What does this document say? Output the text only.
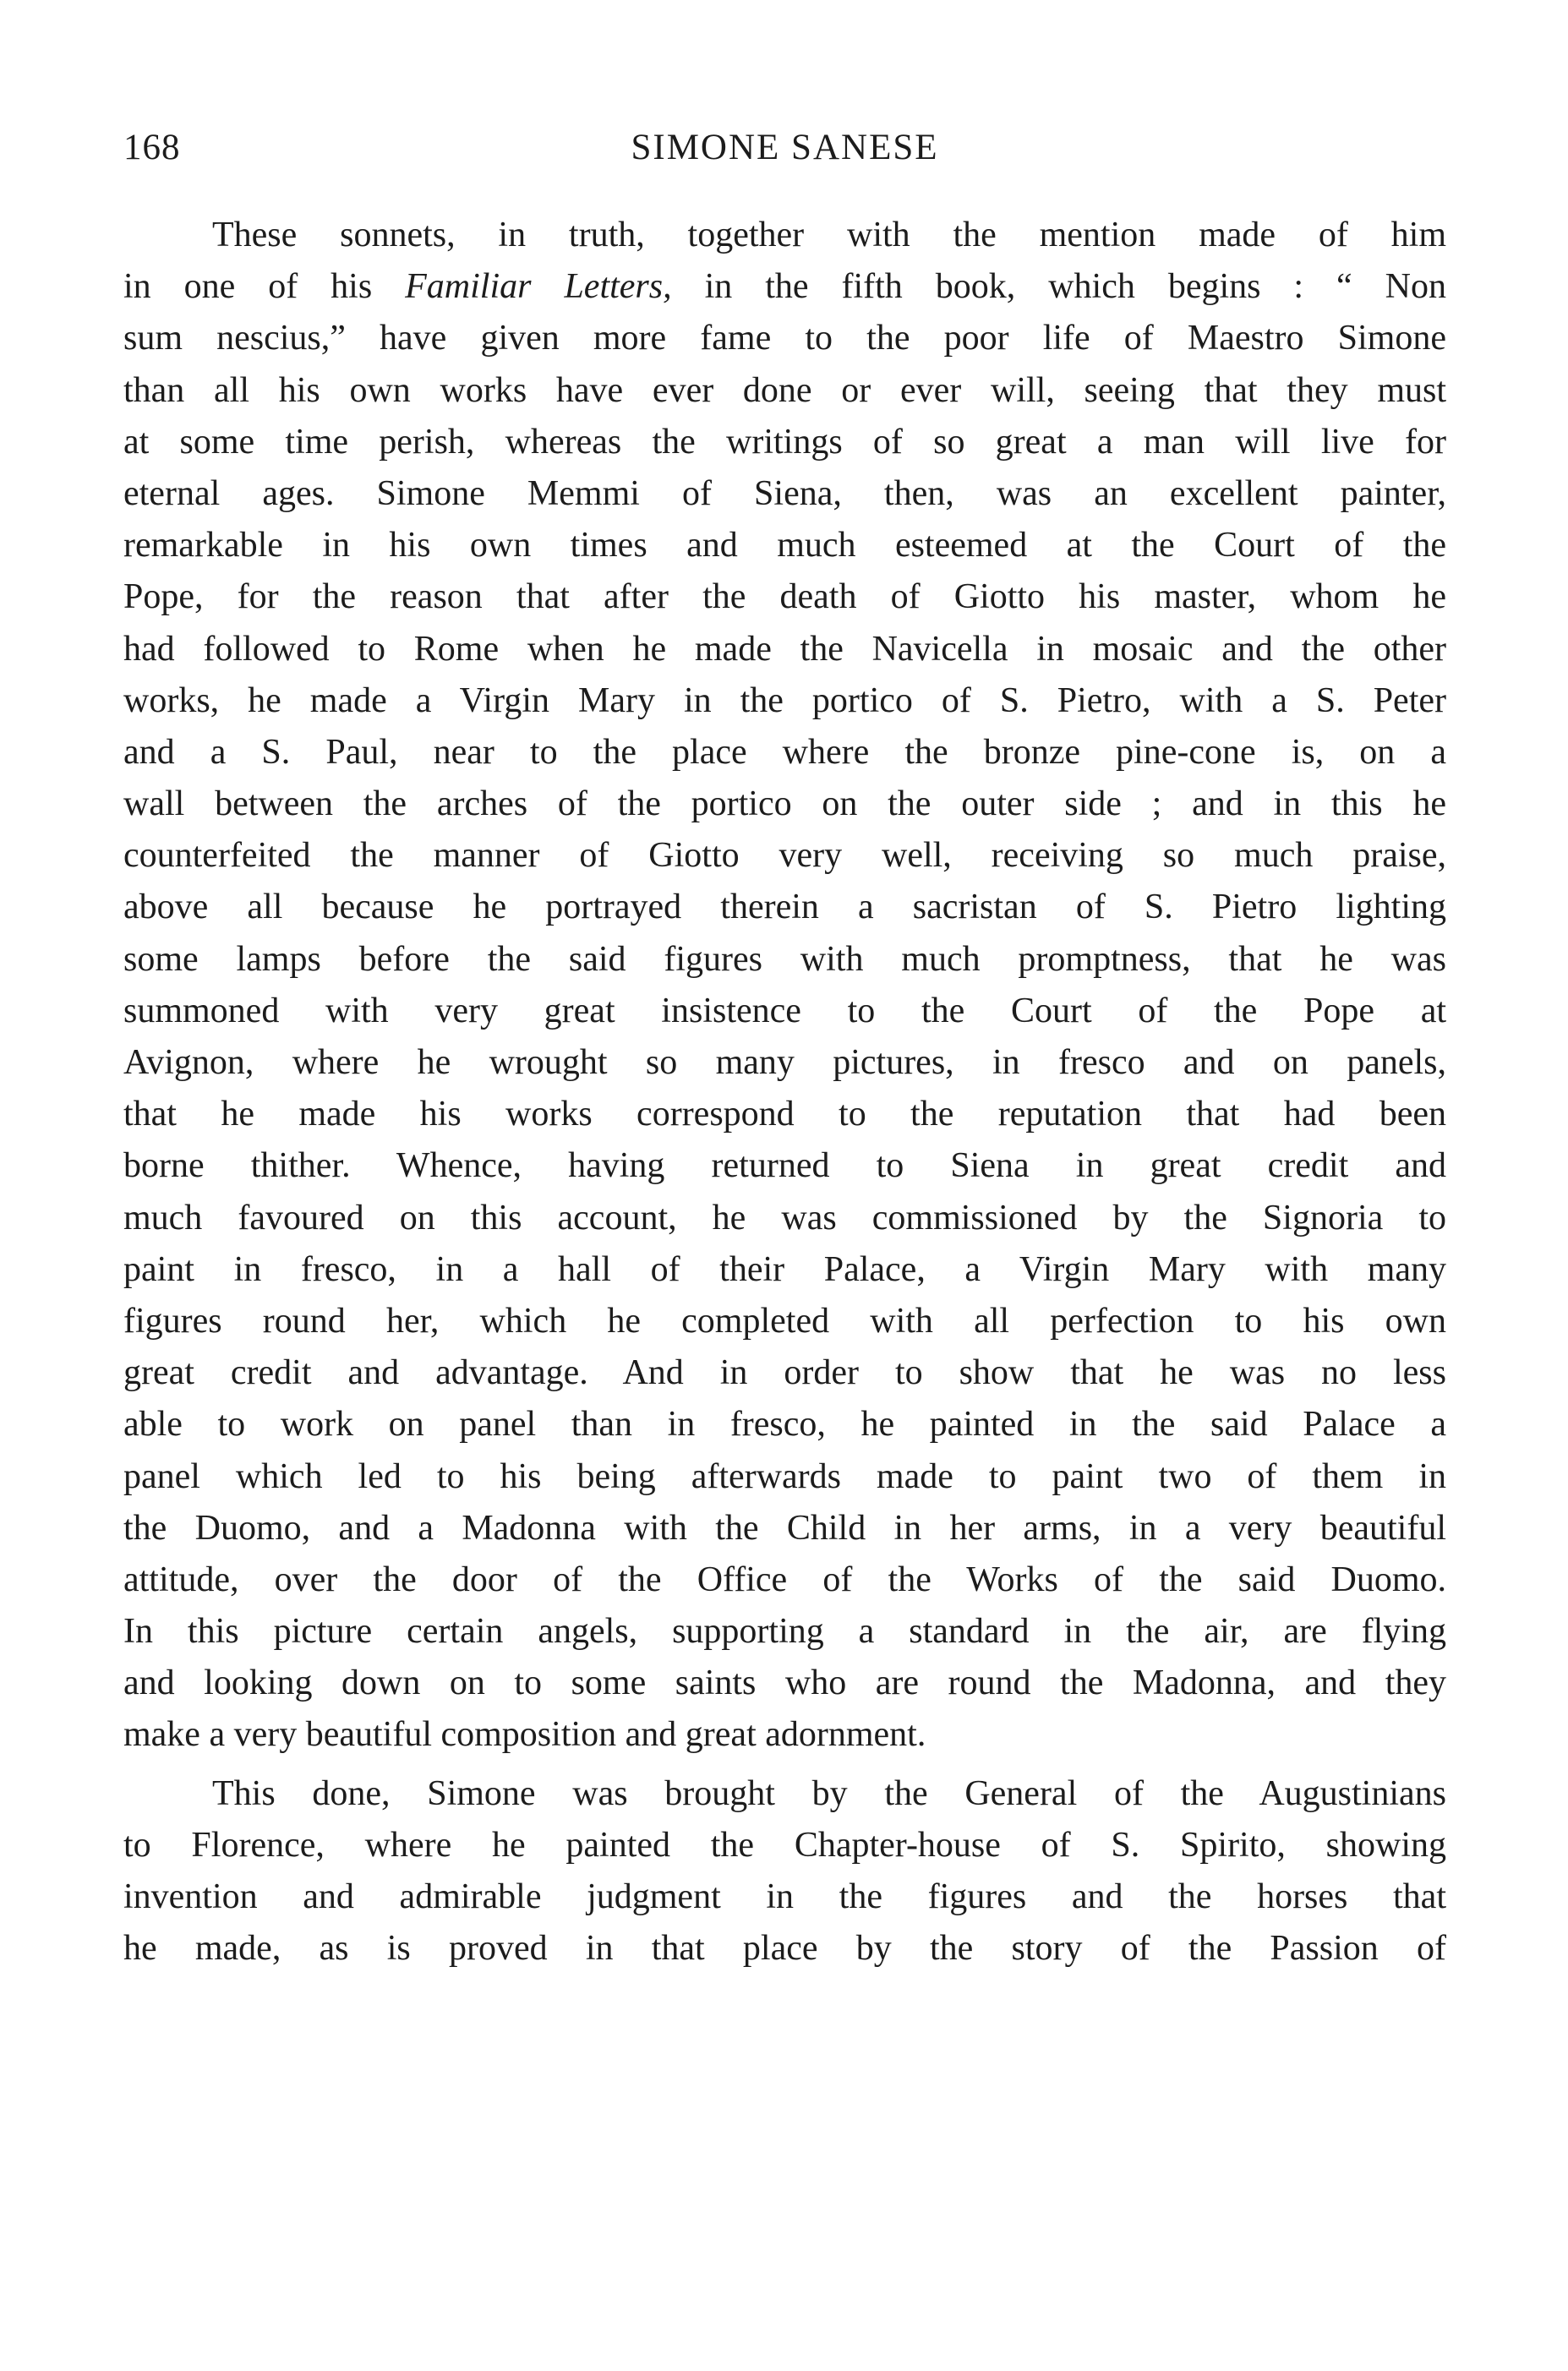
168	SIMONE SANESE
These sonnets, in truth, together with the mention made of him
in one of his Familiar Letters, in the fifth book, which begins : “ Non
sum nescius,” have given more fame to the poor life of Maestro Simone
than all his own works have ever done or ever will, seeing that they must
at some time perish, whereas the writings of so great a man will live for
eternal ages. Simone Memmi of Siena, then, was an excellent painter,
remarkable in his own times and much esteemed at the Court of the
Pope, for the reason that after the death of Giotto his master, whom he
had followed to Rome when he made the Navicella in mosaic and the other
works, he made a Virgin Mary in the portico of S. Pietro, with a S. Peter
and a S. Paul, near to the place where the bronze pine-cone is, on a
wall between the arches of the portico on the outer side ; and in this he
counterfeited the manner of Giotto very well, receiving so much praise,
above all because he portrayed therein a sacristan of S. Pietro lighting
some lamps before the said figures with much promptness, that he was
summoned with very great insistence to the Court of the Pope at
Avignon, where he wrought so many pictures, in fresco and on panels,
that he made his works correspond to the reputation that had been
borne thither. Whence, having returned to Siena in great credit and
much favoured on this account, he was commissioned by the Signoria to
paint in fresco, in a hall of their Palace, a Virgin Mary with many
figures round her, which he completed with all perfection to his own
great credit and advantage. And in order to show that he was no less
able to work on panel than in fresco, he painted in the said Palace a
panel which led to his being afterwards made to paint two of them in
the Duomo, and a Madonna with the Child in her arms, in a very beautiful
attitude, over the door of the Office of the Works of the said Duomo.
In this picture certain angels, supporting a standard in the air, are flying
and looking down on to some saints who are round the Madonna, and they
make a very beautiful composition and great adornment.
This done, Simone was brought by the General of the Augustinians
to Florence, where he painted the Chapter-house of S. Spirito, showing
invention and admirable judgment in the figures and the horses that
he made, as is proved in that place by the story of the Passion of
